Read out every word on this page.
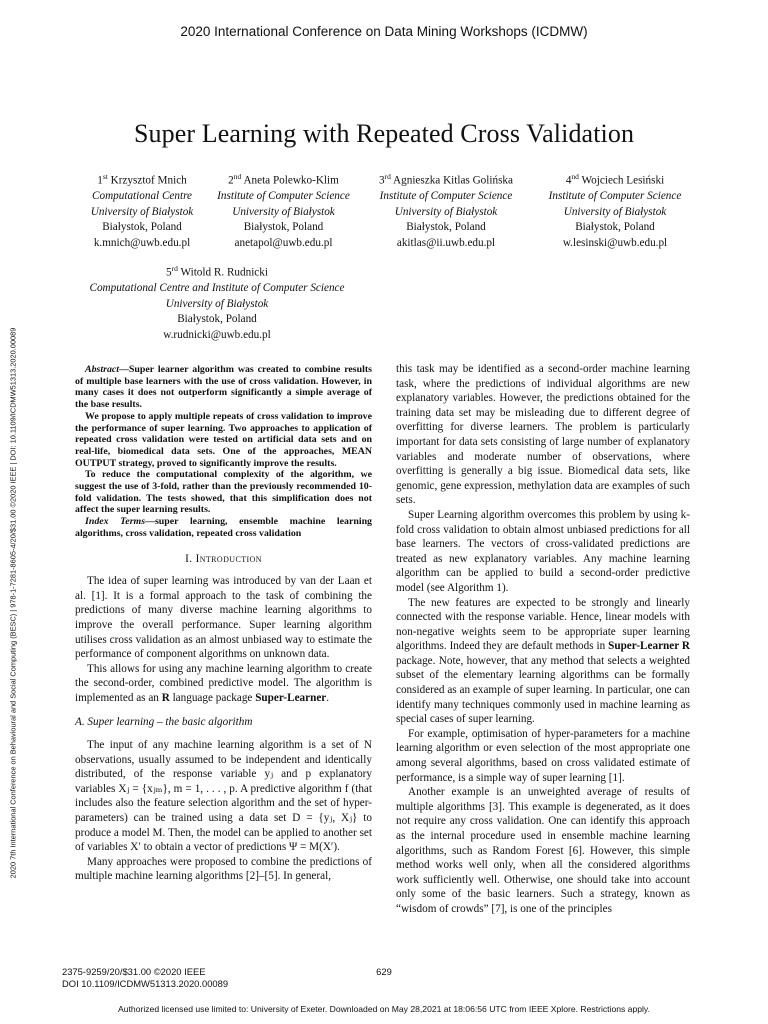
2020 International Conference on Data Mining Workshops (ICDMW)
Super Learning with Repeated Cross Validation
2020 7th International Conference on Behavioural and Social Computing (BESC) | 978-1-7281-8605-4/20/$31.00 ©2020 IEEE | DOI: 10.1109/ICDMW51313.2020.00089
1st Krzysztof Mnich
Computational Centre
University of Białystok
Białystok, Poland
k.mnich@uwb.edu.pl
2nd Aneta Polewko-Klim
Institute of Computer Science
University of Białystok
Białystok, Poland
anetapol@uwb.edu.pl
3rd Agnieszka Kitlas Golińska
Institute of Computer Science
University of Białystok
Białystok, Poland
akitlas@ii.uwb.edu.pl
4nd Wojciech Lesiński
Institute of Computer Science
University of Białystok
Białystok, Poland
w.lesinski@uwb.edu.pl
5rd Witold R. Rudnicki
Computational Centre and Institute of Computer Science
University of Białystok
Białystok, Poland
w.rudnicki@uwb.edu.pl

Abstract—Super learner algorithm was created to combine results of multiple base learners with the use of cross validation. However, in many cases it does not outperform significantly a simple average of the base results.

We propose to apply multiple repeats of cross validation to improve the performance of super learning. Two approaches to application of repeated cross validation were tested on artificial data sets and on real-life, biomedical data sets. One of the approaches, MEAN OUTPUT strategy, proved to significantly improve the results.

To reduce the computational complexity of the algorithm, we suggest the use of 3-fold, rather than the previously recommended 10-fold validation. The tests showed, that this simplification does not affect the super learning results.

Index Terms—super learning, ensemble machine learning algorithms, cross validation, repeated cross validation

I. Introduction

The idea of super learning was introduced by van der Laan et al. [1]. It is a formal approach to the task of combining the predictions of many diverse machine learning algorithms to improve the overall performance. Super learning algorithm utilises cross validation as an almost unbiased way to estimate the performance of component algorithms on unknown data.

This allows for using any machine learning algorithm to create the second-order, combined predictive model. The algorithm is implemented as an R language package Super-Learner.

A. Super learning – the basic algorithm

The input of any machine learning algorithm is a set of N observations, usually assumed to be independent and identically distributed, of the response variable yⱼ and p explanatory variables Xⱼ = {xⱼₘ}, m = 1, . . . , p. A predictive algorithm f (that includes also the feature selection algorithm and the set of hyper-parameters) can be trained using a data set D = {yⱼ, Xⱼ} to produce a model M. Then, the model can be applied to another set of variables X′ to obtain a vector of predictions Ψ = M(X′).

Many approaches were proposed to combine the predictions of multiple machine learning algorithms [2]–[5]. In general,

this task may be identified as a second-order machine learning task, where the predictions of individual algorithms are new explanatory variables. However, the predictions obtained for the training data set may be misleading due to different degree of overfitting for diverse learners. The problem is particularly important for data sets consisting of large number of explanatory variables and moderate number of observations, where overfitting is generally a big issue. Biomedical data sets, like genomic, gene expression, methylation data are examples of such sets.

Super Learning algorithm overcomes this problem by using k-fold cross validation to obtain almost unbiased predictions for all base learners. The vectors of cross-validated predictions are treated as new explanatory variables. Any machine learning algorithm can be applied to build a second-order predictive model (see Algorithm 1).

The new features are expected to be strongly and linearly connected with the response variable. Hence, linear models with non-negative weights seem to be appropriate super learning algorithms. Indeed they are default methods in Super-Learner R package. Note, however, that any method that selects a weighted subset of the elementary learning algorithms can be formally considered as an example of super learning. In particular, one can identify many techniques commonly used in machine learning as special cases of super learning.

For example, optimisation of hyper-parameters for a machine learning algorithm or even selection of the most appropriate one among several algorithms, based on cross validated estimate of performance, is a simple way of super learning [1].

Another example is an unweighted average of results of multiple algorithms [3]. This example is degenerated, as it does not require any cross validation. One can identify this approach as the internal procedure used in ensemble machine learning algorithms, such as Random Forest [6]. However, this simple method works well only, when all the considered algorithms work sufficiently well. Otherwise, one should take into account only some of the basic learners. Such a strategy, known as “wisdom of crowds” [7], is one of the principles

2375-9259/20/$31.00 ©2020 IEEE
DOI 10.1109/ICDMW51313.2020.00089
629
Authorized licensed use limited to: University of Exeter. Downloaded on May 28,2021 at 18:06:56 UTC from IEEE Xplore. Restrictions apply.
